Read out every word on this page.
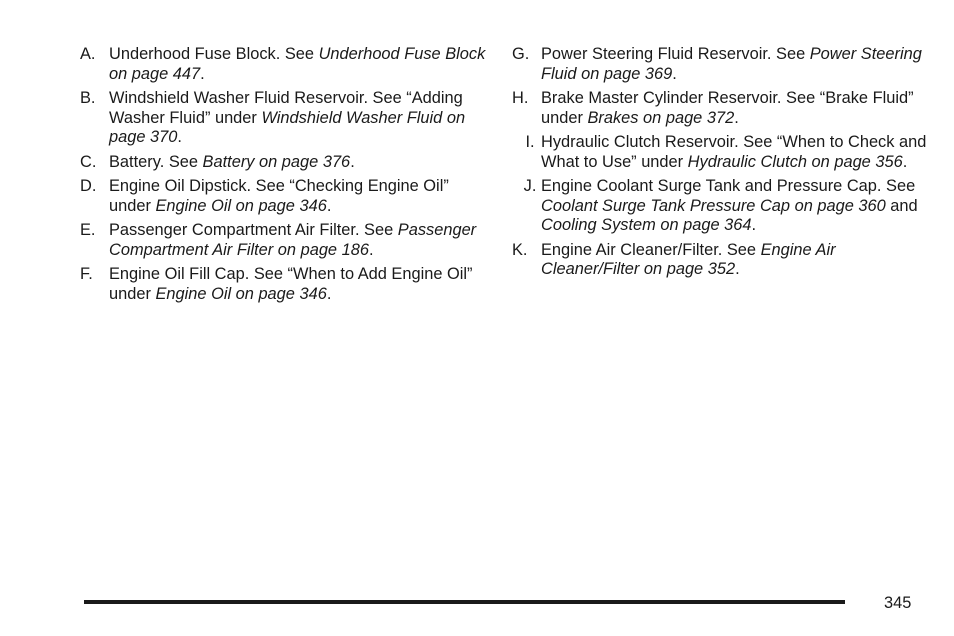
A. Underhood Fuse Block. See Underhood Fuse Block on page 447.
B. Windshield Washer Fluid Reservoir. See “Adding Washer Fluid” under Windshield Washer Fluid on page 370.
C. Battery. See Battery on page 376.
D. Engine Oil Dipstick. See “Checking Engine Oil” under Engine Oil on page 346.
E. Passenger Compartment Air Filter. See Passenger Compartment Air Filter on page 186.
F. Engine Oil Fill Cap. See “When to Add Engine Oil” under Engine Oil on page 346.
G. Power Steering Fluid Reservoir. See Power Steering Fluid on page 369.
H. Brake Master Cylinder Reservoir. See “Brake Fluid” under Brakes on page 372.
I. Hydraulic Clutch Reservoir. See “When to Check and What to Use” under Hydraulic Clutch on page 356.
J. Engine Coolant Surge Tank and Pressure Cap. See Coolant Surge Tank Pressure Cap on page 360 and Cooling System on page 364.
K. Engine Air Cleaner/Filter. See Engine Air Cleaner/Filter on page 352.
345
